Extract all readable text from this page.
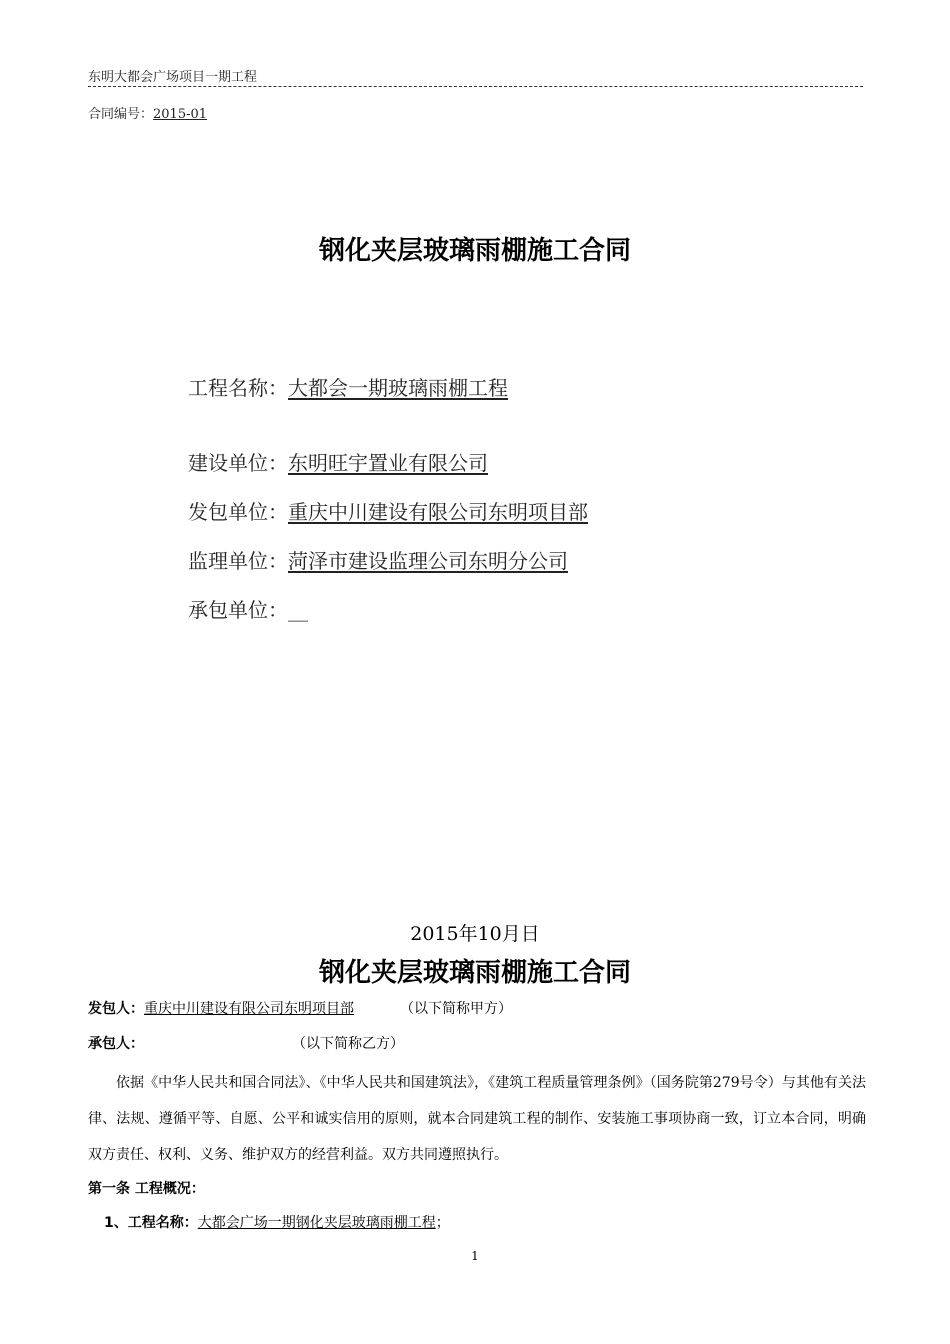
东明大都会广场项目一期工程
合同编号：2015-01
钢化夹层玻璃雨棚施工合同
工程名称：大都会一期玻璃雨棚工程
建设单位：东明旺宇置业有限公司
发包单位：重庆中川建设有限公司东明项目部
监理单位：菏泽市建设监理公司东明分公司
承包单位：__
2015年10月日
钢化夹层玻璃雨棚施工合同
发包人：重庆中川建设有限公司东明项目部	（以下简称甲方）
承包人：	（以下简称乙方）
依据《中华人民共和国合同法》、《中华人民共和国建筑法》，《建筑工程质量管理条例》（国务院第279号令）与其他有关法律、法规、遵循平等、自愿、公平和诚实信用的原则，就本合同建筑工程的制作、安装施工事项协商一致，订立本合同，明确双方责任、权利、义务、维护双方的经营利益。双方共同遵照执行。
第一条 工程概况：
1、工程名称：大都会广场一期钢化夹层玻璃雨棚工程；
1
